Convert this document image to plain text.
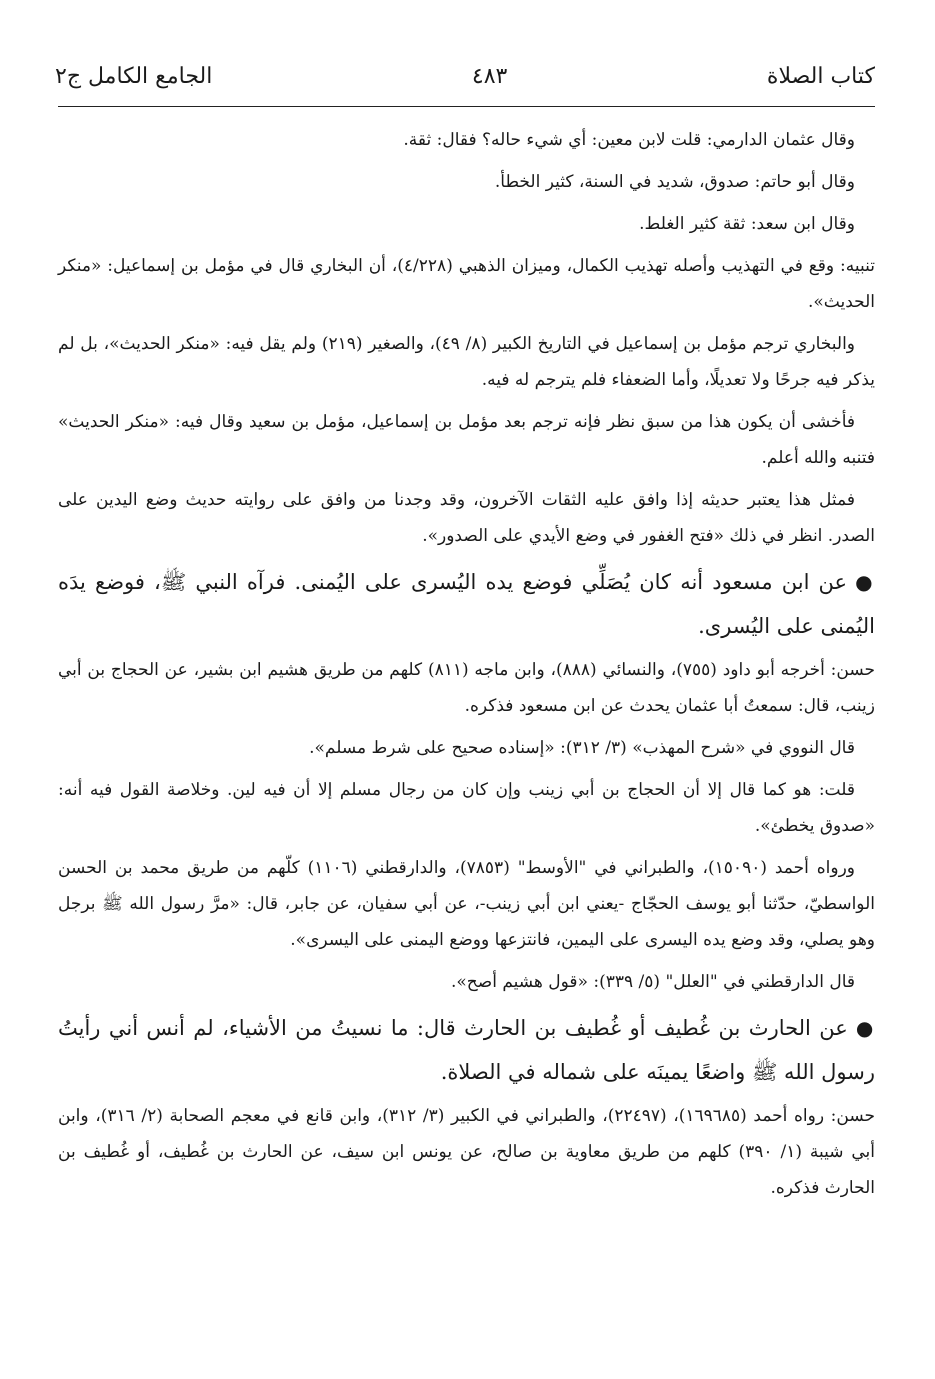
كتاب الصلاة
٤٨٣
الجامع الكامل ج٢

وقال عثمان الدارمي: قلت لابن معين: أي شيء حاله؟ فقال: ثقة.

وقال أبو حاتم: صدوق، شديد في السنة، كثير الخطأ.

وقال ابن سعد: ثقة كثير الغلط.

تنبيه: وقع في التهذيب وأصله تهذيب الكمال، وميزان الذهبي (٤/٢٢٨)، أن البخاري قال في مؤمل بن إسماعيل: «منكر الحديث».

والبخاري ترجم مؤمل بن إسماعيل في التاريخ الكبير (٨/ ٤٩)، والصغير (٢١٩) ولم يقل فيه: «منكر الحديث»، بل لم يذكر فيه جرحًا ولا تعديلًا، وأما الضعفاء فلم يترجم له فيه.

فأخشى أن يكون هذا من سبق نظر فإنه ترجم بعد مؤمل بن إسماعيل، مؤمل بن سعيد وقال فيه: «منكر الحديث» فتنبه والله أعلم.

فمثل هذا يعتبر حديثه إذا وافق عليه الثقات الآخرون، وقد وجدنا من وافق على روايته حديث وضع اليدين على الصدر. انظر في ذلك «فتح الغفور في وضع الأيدي على الصدور».

●عن ابن مسعود أنه كان يُصَلِّي فوضع يده اليُسرى على اليُمنى. فرآه النبي ﷺ، فوضع يدَه اليُمنى على اليُسرى.

حسن: أخرجه أبو داود (٧٥٥)، والنسائي (٨٨٨)، وابن ماجه (٨١١) كلهم من طريق هشيم ابن بشير، عن الحجاج بن أبي زينب، قال: سمعتُ أبا عثمان يحدث عن ابن مسعود فذكره.

قال النووي في «شرح المهذب» (٣/ ٣١٢): «إسناده صحيح على شرط مسلم».

قلت: هو كما قال إلا أن الحجاج بن أبي زينب وإن كان من رجال مسلم إلا أن فيه لين. وخلاصة القول فيه أنه: «صدوق يخطئ».

ورواه أحمد (١٥٠٩٠)، والطبراني في "الأوسط" (٧٨٥٣)، والدارقطني (١١٠٦) كلّهم من طريق محمد بن الحسن الواسطيّ، حدّثنا أبو يوسف الحجّاج -يعني ابن أبي زينب-، عن أبي سفيان، عن جابر، قال: «مرَّ رسول الله ﷺ برجل وهو يصلي، وقد وضع يده اليسرى على اليمين، فانتزعها ووضع اليمنى على اليسرى».

قال الدارقطني في "العلل" (٥/ ٣٣٩): «قول هشيم أصح».

●عن الحارث بن غُطيف أو غُطيف بن الحارث قال: ما نسيتُ من الأشياء، لم أنس أني رأيتُ رسول الله ﷺ واضعًا يمينَه على شماله في الصلاة.

حسن: رواه أحمد (١٦٩٦٨٥)، (٢٢٤٩٧)، والطبراني في الكبير (٣/ ٣١٢)، وابن قانع في معجم الصحابة (٢/ ٣١٦)، وابن أبي شيبة (١/ ٣٩٠) كلهم من طريق معاوية بن صالح، عن يونس ابن سيف، عن الحارث بن غُطيف، أو غُطيف بن الحارث فذكره.
